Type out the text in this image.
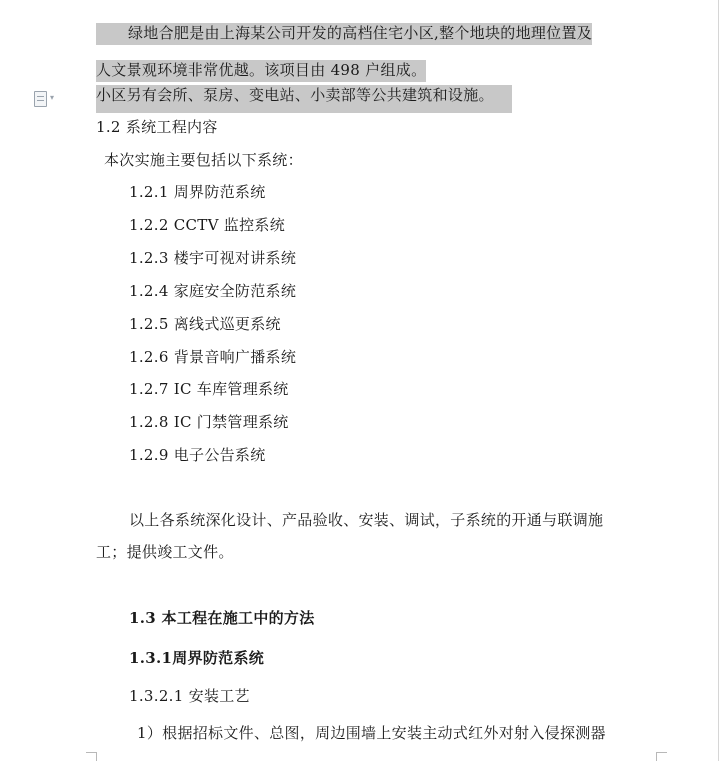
▾
绿地合肥是由上海某公司开发的高档住宅小区,整个地块的地理位置及
人文景观环境非常优越。该项目由 498 户组成。
小区另有会所、泵房、变电站、小卖部等公共建筑和设施。
1.2 系统工程内容
本次实施主要包括以下系统：
1.2.1 周界防范系统
1.2.2 CCTV 监控系统
1.2.3 楼宇可视对讲系统
1.2.4 家庭安全防范系统
1.2.5 离线式巡更系统
1.2.6 背景音响广播系统
1.2.7 IC 车库管理系统
1.2.8 IC 门禁管理系统
1.2.9 电子公告系统
以上各系统深化设计、产品验收、安装、调试，子系统的开通与联调施
工；提供竣工文件。
1.3 本工程在施工中的方法
1.3.1周界防范系统
1.3.2.1 安装工艺
1）根据招标文件、总图，周边围墙上安装主动式红外对射入侵探测器
